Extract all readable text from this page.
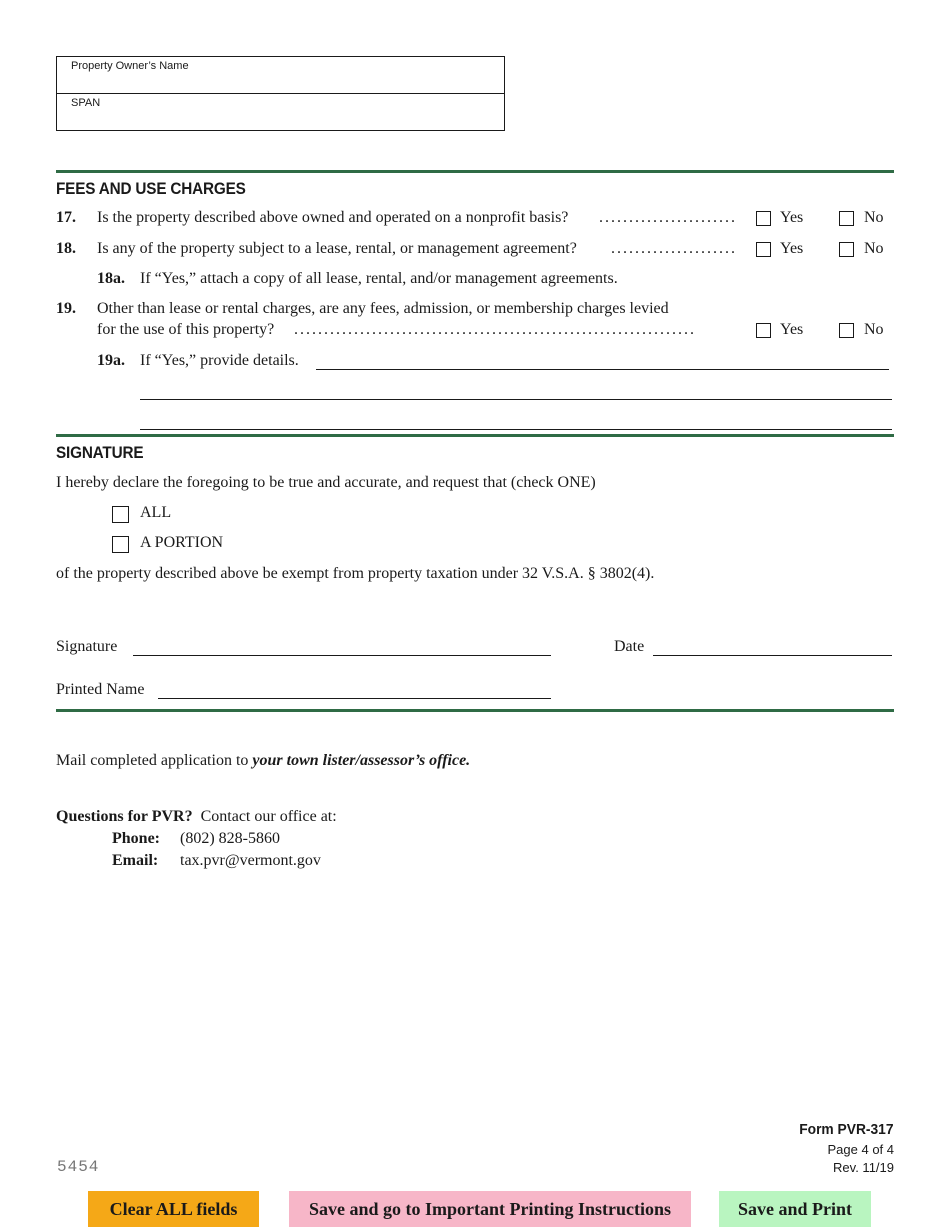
Property Owner’s Name
SPAN
FEES AND USE CHARGES
17. Is the property described above owned and operated on a nonprofit basis? .......................	Yes	No
18. Is any of the property subject to a lease, rental, or management agreement? .....................	Yes	No
18a. If “Yes,” attach a copy of all lease, rental, and/or management agreements.
19. Other than lease or rental charges, are any fees, admission, or membership charges levied
for the use of this property? ...................................................................	Yes	No
19a. If “Yes,” provide details.
SIGNATURE
I hereby declare the foregoing to be true and accurate, and request that (check ONE)
ALL
A PORTION
of the property described above be exempt from property taxation under 32 V.S.A. § 3802(4).
Signature	Date
Printed Name
Mail completed application to your town lister/assessor’s office.
Questions for PVR? Contact our office at:
Phone: (802) 828-5860
Email: tax.pvr@vermont.gov
Form PVR-317
Page 4 of 4
Rev. 11/19
5454
Clear ALL fields	Save and go to Important Printing Instructions	Save and Print
